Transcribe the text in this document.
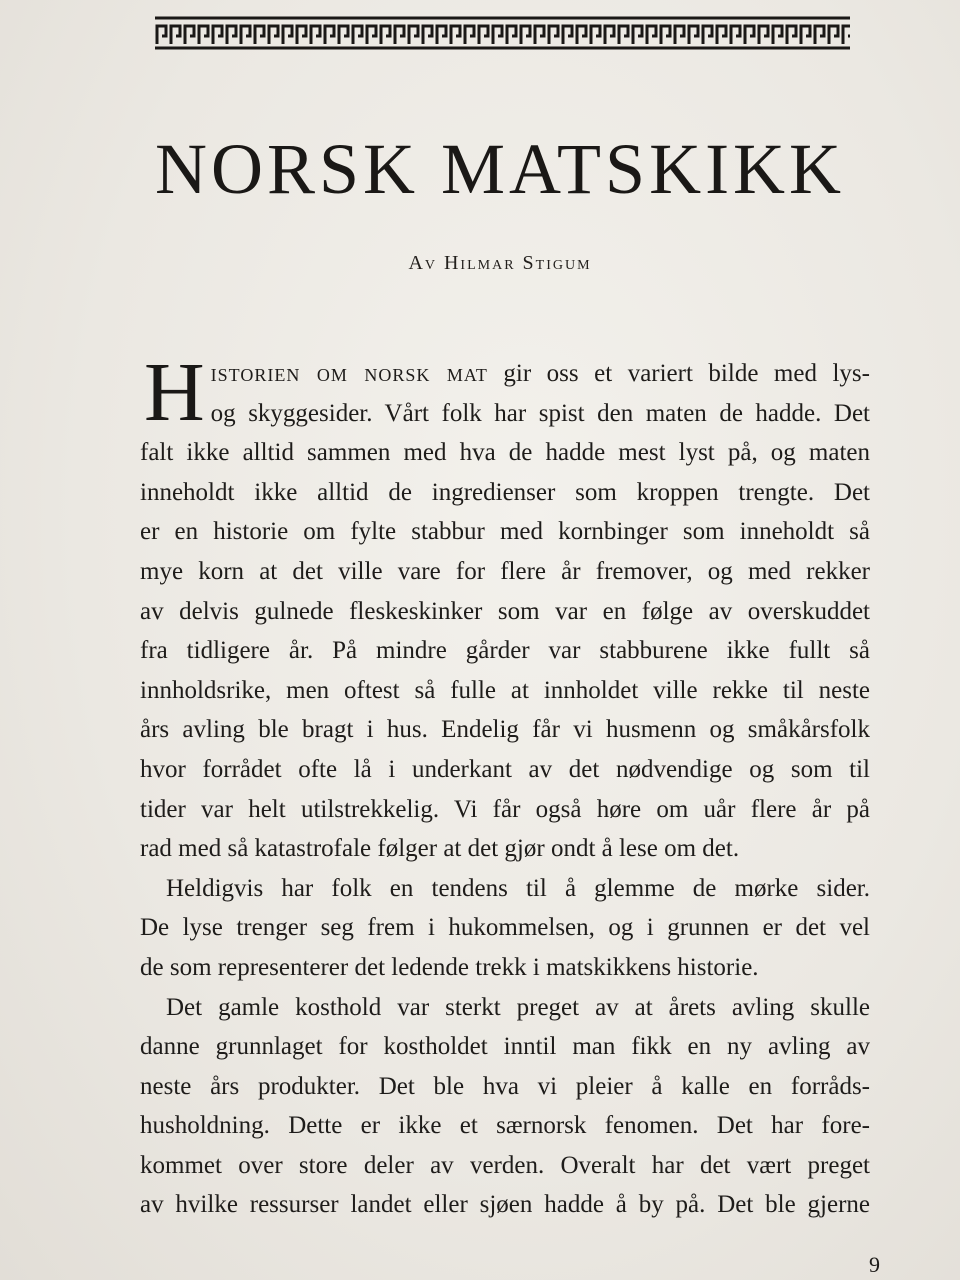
NORSK MATSKIKK
Av Hilmar Stigum
H istorien om norsk mat gir oss et variert bilde med lys-
og skyggesider. Vårt folk har spist den maten de hadde. Det
falt ikke alltid sammen med hva de hadde mest lyst på, og maten
inneholdt ikke alltid de ingredienser som kroppen trengte. Det
er en historie om fylte stabbur med kornbinger som inneholdt så
mye korn at det ville vare for flere år fremover, og med rekker
av delvis gulnede fleskeskinker som var en følge av overskuddet
fra tidligere år. På mindre gårder var stabburene ikke fullt så
innholdsrike, men oftest så fulle at innholdet ville rekke til neste
års avling ble bragt i hus. Endelig får vi husmenn og småkårsfolk
hvor forrådet ofte lå i underkant av det nødvendige og som til
tider var helt utilstrekkelig. Vi får også høre om uår flere år på
rad med så katastrofale følger at det gjør ondt å lese om det.
Heldigvis har folk en tendens til å glemme de mørke sider.
De lyse trenger seg frem i hukommelsen, og i grunnen er det vel
de som representerer det ledende trekk i matskikkens historie.
Det gamle kosthold var sterkt preget av at årets avling skulle
danne grunnlaget for kostholdet inntil man fikk en ny avling av
neste års produkter. Det ble hva vi pleier å kalle en forråds-
husholdning. Dette er ikke et særnorsk fenomen. Det har fore-
kommet over store deler av verden. Overalt har det vært preget
av hvilke ressurser landet eller sjøen hadde å by på. Det ble gjerne
9
